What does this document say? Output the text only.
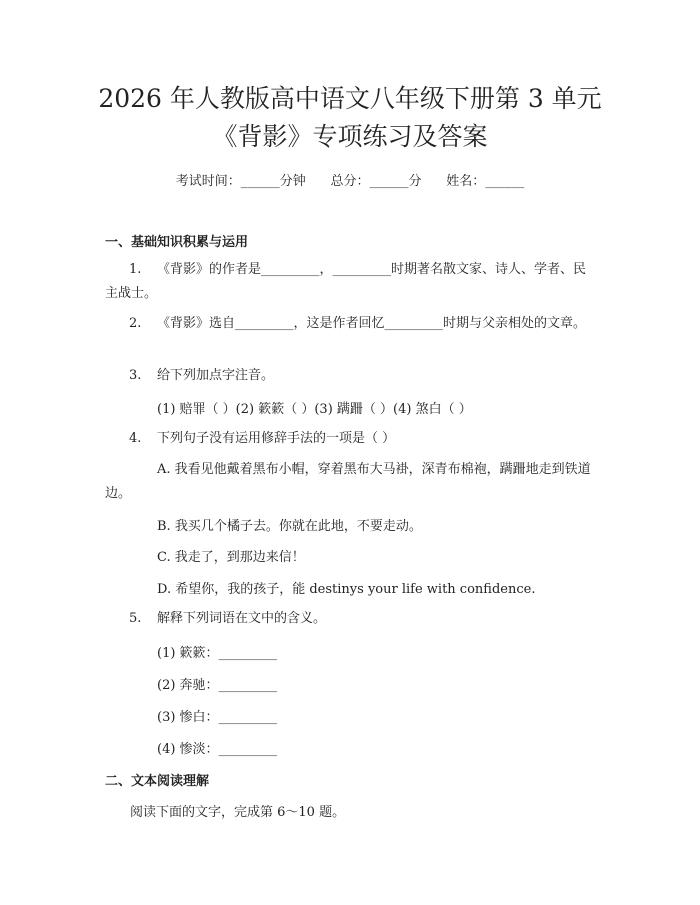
2026 年人教版高中语文八年级下册第 3 单元
《背影》专项练习及答案
考试时间：______分钟      总分：______分      姓名：______
一、基础知识积累与运用
1. 《背影》的作者是_________，_________时期著名散文家、诗人、学者、民主战士。
2. 《背影》选自_________，这是作者回忆_________时期与父亲相处的文章。
3. 给下列加点字注音。
(1) 赔罪（ ）(2) 簌簌（ ）(3) 蹒跚（ ）(4) 煞白（ ）
4. 下列句子没有运用修辞手法的一项是（ ）
A. 我看见他戴着黑布小帽，穿着黑布大马褂，深青布棉袍，蹒跚地走到铁道边。
B. 我买几个橘子去。你就在此地，不要走动。
C. 我走了，到那边来信！
D. 希望你，我的孩子，能 destinys your life with confidence.
5. 解释下列词语在文中的含义。
(1) 簌簌：_________
(2) 奔驰：_________
(3) 惨白：_________
(4) 惨淡：_________
二、文本阅读理解
阅读下面的文字，完成第 6～10 题。
